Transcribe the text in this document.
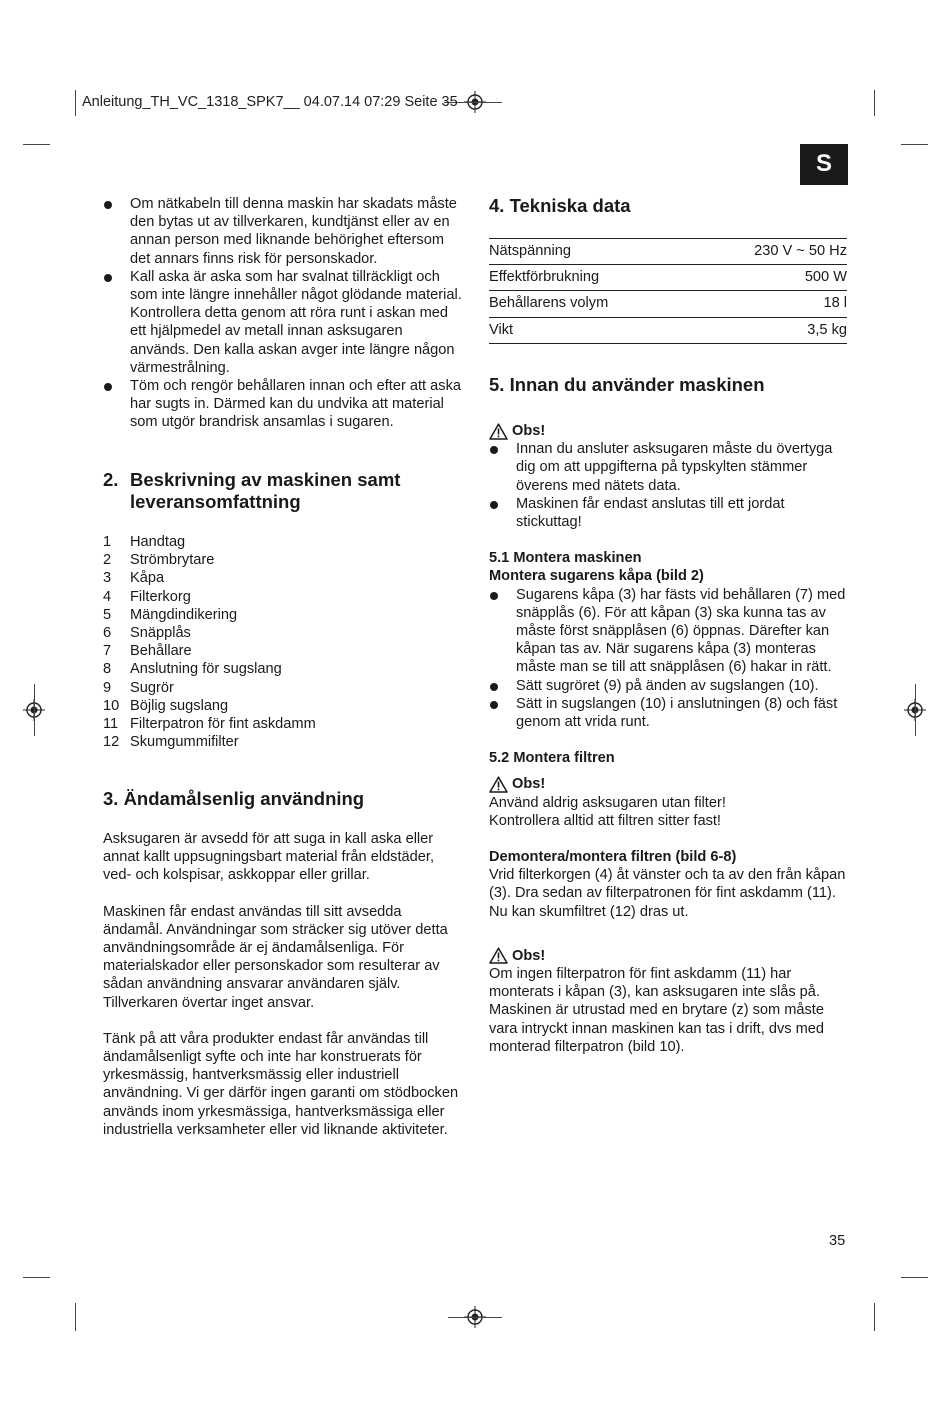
Anleitung_TH_VC_1318_SPK7__ 04.07.14 07:29 Seite 35
S
Om nätkabeln till denna maskin har skadats måste den bytas ut av tillverkaren, kundtjänst eller av en annan person med liknande behörighet eftersom det annars finns risk för personskador.
Kall aska är aska som har svalnat tillräckligt och som inte längre innehåller något glödande material. Kontrollera detta genom att röra runt i askan med ett hjälpmedel av metall innan asksugaren används. Den kalla askan avger inte längre någon värmestrålning.
Töm och rengör behållaren innan och efter att aska har sugts in. Därmed kan du undvika att material som utgör brandrisk ansamlas i sugaren.
2. Beskrivning av maskinen samt leveransomfattning
1	Handtag
2	Strömbrytare
3	Kåpa
4	Filterkorg
5	Mängdindikering
6	Snäpplås
7	Behållare
8	Anslutning för sugslang
9	Sugrör
10 Böjlig sugslang
11 Filterpatron för fint askdamm
12 Skumgummifilter
3. Ändamålsenlig användning
Asksugaren är avsedd för att suga in kall aska eller annat kallt uppsugningsbart material från eldstäder, ved- och kolspisar, askkoppar eller grillar.
Maskinen får endast användas till sitt avsedda ändamål. Användningar som sträcker sig utöver detta användningsområde är ej ändamålsenliga. För materialskador eller personskador som resulterar av sådan användning ansvarar användaren själv. Tillverkaren övertar inget ansvar.
Tänk på att våra produkter endast får användas till ändamålsenligt syfte och inte har konstruerats för yrkesmässig, hantverksmässig eller industriell användning. Vi ger därför ingen garanti om stödbocken används inom yrkesmässiga, hantverksmässiga eller industriella verksamheter eller vid liknande aktiviteter.
4. Tekniska data
Nätspänning	230 V ~ 50 Hz
Effektförbrukning	500 W
Behållarens volym	18 l
Vikt	3,5 kg
5. Innan du använder maskinen
Obs!
Innan du ansluter asksugaren måste du övertyga dig om att uppgifterna på typskylten stämmer överens med nätets data.
Maskinen får endast anslutas till ett jordat stickuttag!
5.1 Montera maskinen
Montera sugarens kåpa (bild 2)
Sugarens kåpa (3) har fästs vid behållaren (7) med snäpplås (6). För att kåpan (3) ska kunna tas av måste först snäpplåsen (6) öppnas. Därefter kan kåpan tas av. När sugarens kåpa (3) monteras måste man se till att snäpplåsen (6) hakar in rätt.
Sätt sugröret (9) på änden av sugslangen (10).
Sätt in sugslangen (10) i anslutningen (8) och fäst genom att vrida runt.
5.2 Montera filtren
Obs!
Använd aldrig asksugaren utan filter!
Kontrollera alltid att filtren sitter fast!
Demontera/montera filtren (bild 6-8)
Vrid filterkorgen (4) åt vänster och ta av den från kåpan (3). Dra sedan av filterpatronen för fint askdamm (11). Nu kan skumfiltret (12) dras ut.
Obs!
Om ingen filterpatron för fint askdamm (11) har monterats i kåpan (3), kan asksugaren inte slås på. Maskinen är utrustad med en brytare (z) som måste vara intryckt innan maskinen kan tas i drift, dvs med monterad filterpatron (bild 10).
35
